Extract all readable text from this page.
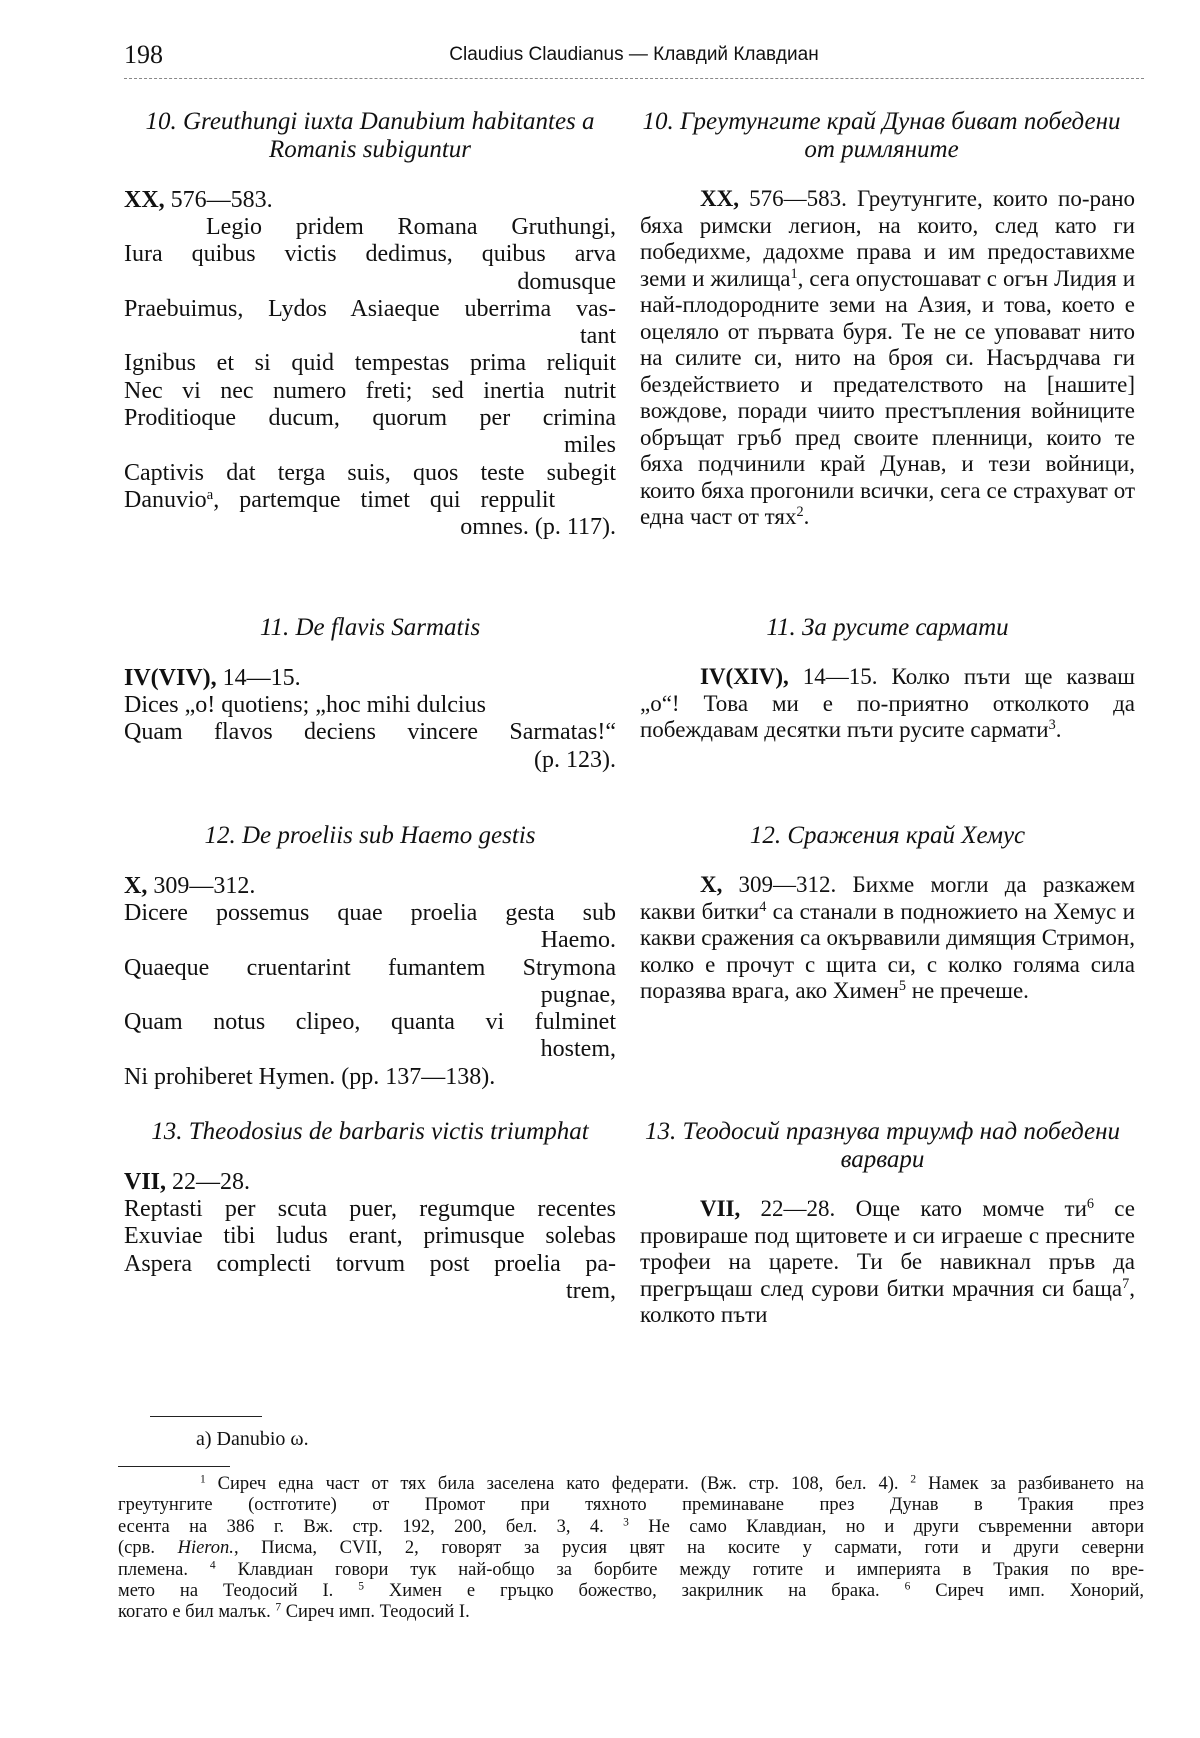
198	Claudius Claudianus — Клавдий Клавдиан
10. Greuthungi iuxta Danubium habitantes a Romanis subiguntur
XX, 576—583.
Legio pridem Romana Gruthungi,
Iura quibus victis dedimus, quibus arva
domusque
Praebuimus, Lydos Asiaeque uberrima vas-
tant
Ignibus et si quid tempestas prima reliquit
Nec vi nec numero freti; sed inertia nutrit
Proditioque ducum, quorum per crimina
miles
Captivis dat terga suis, quos teste subegit
Danuvio$^a$, partemque timet qui reppulit
omnes. (p. 117).
10. Греутунгите край Дунав биват победени от римляните
XX, 576—583. Греутунгите, които по-рано бяха римски легион, на които, след като ги победихме, дадохме права и им предоставихме земи и жилища$^1$, сега опустошават с огън Лидия и най-плодородните земи на Азия, и това, което е оцеляло от първата буря. Те не се уповават нито на силите си, нито на броя си. Насърдчава ги бездействието и предателството на [нашите] вождове, поради чиито престъпления войниците обръщат гръб пред своите пленници, които те бяха подчинили край Дунав, и тези войници, които бяха прогонили всички, сега се страхуват от една част от тях$^2$.
11. De flavis Sarmatis
IV(VIV), 14—15.
Dices „o! quotiens; „hoc mihi dulcius
Quam flavos deciens vincere Sarmatas!“
(p. 123).
11. За русите сармати
IV(XIV), 14—15. Колко пъти ще казваш „о“! Това ми е по-приятно отколкото да побеждавам десятки пъти русите сармати$^3$.
12. De proeliis sub Haemo gestis
X, 309—312.
Dicere possemus quae proelia gesta sub
Haemo.
Quaeque cruentarint fumantem Strymona
pugnae,
Quam notus clipeo, quanta vi fulminet
hostem,
Ni prohiberet Hymen. (pp. 137—138).
12. Сражения край Хемус
X, 309—312. Бихме могли да разкажем какви битки$^4$ са станали в подножието на Хемус и какви сражения са окървавили димящия Стримон, колко е прочут с щита си, с колко голяма сила поразява врага, ако Химен$^5$ не пречеше.
13. Theodosius de barbaris victis triumphat
VII, 22—28.
Reptasti per scuta puer, regumque recentes
Exuviae tibi ludus erant, primusque solebas
Aspera complecti torvum post proelia pa-
trem,
13. Теодосий празнува триумф над победени варвари
VII, 22—28. Още като момче $ти^6$ се провираше под щитовете и си играеше с пресните трофеи на царете. Ти бе навикнал пръв да прегръщаш след сурови битки мрачния си баща$^7$, колкото пъти
a) Danubio ω.
$^1$ Сиреч една част от тях била заселена като федерати. (Вж. стр. 108, бел. 4). $^2$ Намек за разбиването на
греутунгите (остготите) от Промот при тяхното преминаване през Дунав в Тракия през
есента на 386 г. Вж. стр. 192, 200, бел. 3, 4. $^3$ Не само Клавдиан, но и други съвременни автори
(срв. Hieron., Писма, CVII, 2, говорят за русия цвят на косите у сармати, готи и други северни
племена. $^4$ Клавдиан говори тук най-общо за борбите между готите и империята в Тракия по вре-
мето на Теодосий I. $^5$ Химен е гръцко божество, закрилник на брака. $^6$ Сиреч имп. Хонорий,
когато е бил малък. $^7$ Сиреч имп. Теодосий I.
